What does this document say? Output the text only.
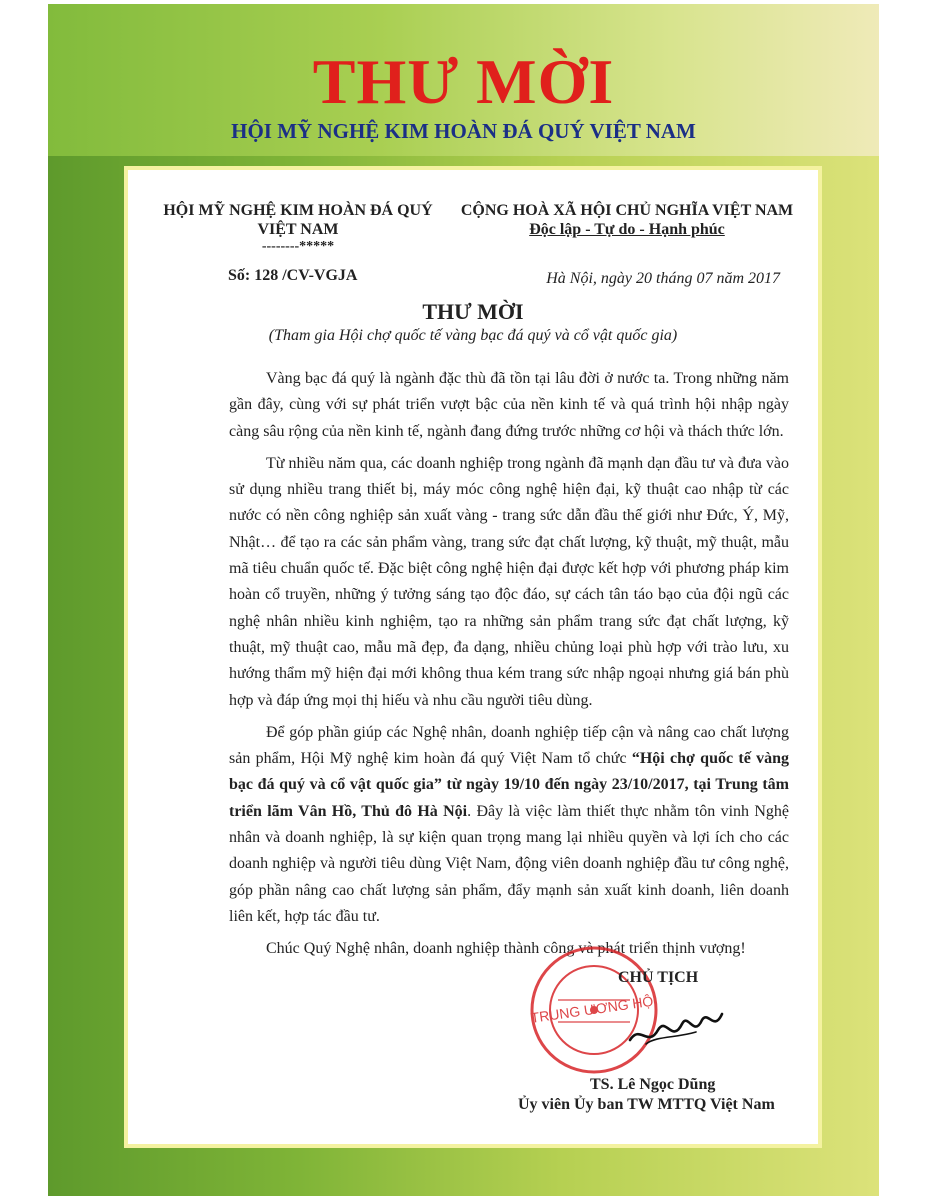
THƯ MỜI
HỘI MỸ NGHỆ KIM HOÀN ĐÁ QUÝ VIỆT NAM
HỘI MỸ NGHỆ KIM HOÀN ĐÁ QUÝ
VIỆT NAM
--------*****
CỘNG HOÀ XÃ HỘI CHỦ NGHĨA VIỆT NAM
Độc lập - Tự do - Hạnh phúc
Số: 128 /CV-VGJA	Hà Nội, ngày 20 tháng 07 năm 2017
THƯ MỜI
(Tham gia Hội chợ quốc tế vàng bạc đá quý và cổ vật quốc gia)

Vàng bạc đá quý là ngành đặc thù đã tồn tại lâu đời ở nước ta. Trong những năm gần đây, cùng với sự phát triển vượt bậc của nền kinh tế và quá trình hội nhập ngày càng sâu rộng của nền kinh tế, ngành đang đứng trước những cơ hội và thách thức lớn.

Từ nhiều năm qua, các doanh nghiệp trong ngành đã mạnh dạn đầu tư và đưa vào sử dụng nhiều trang thiết bị, máy móc công nghệ hiện đại, kỹ thuật cao nhập từ các nước có nền công nghiệp sản xuất vàng - trang sức dẫn đầu thế giới như Đức, Ý, Mỹ, Nhật… để tạo ra các sản phẩm vàng, trang sức đạt chất lượng, kỹ thuật, mỹ thuật, mẫu mã tiêu chuẩn quốc tế. Đặc biệt công nghệ hiện đại được kết hợp với phương pháp kim hoàn cổ truyền, những ý tưởng sáng tạo độc đáo, sự cách tân táo bạo của đội ngũ các nghệ nhân nhiều kinh nghiệm, tạo ra những sản phẩm trang sức đạt chất lượng, kỹ thuật, mỹ thuật cao, mẫu mã đẹp, đa dạng, nhiều chủng loại phù hợp với trào lưu, xu hướng thẩm mỹ hiện đại mới không thua kém trang sức nhập ngoại nhưng giá bán phù hợp và đáp ứng mọi thị hiếu và nhu cầu người tiêu dùng.

Để góp phần giúp các Nghệ nhân, doanh nghiệp tiếp cận và nâng cao chất lượng sản phẩm, Hội Mỹ nghệ kim hoàn đá quý Việt Nam tổ chức “Hội chợ quốc tế vàng bạc đá quý và cổ vật quốc gia” từ ngày 19/10 đến ngày 23/10/2017, tại Trung tâm triển lãm Vân Hồ, Thủ đô Hà Nội. Đây là việc làm thiết thực nhằm tôn vinh Nghệ nhân và doanh nghiệp, là sự kiện quan trọng mang lại nhiều quyền và lợi ích cho các doanh nghiệp và người tiêu dùng Việt Nam, động viên doanh nghiệp đầu tư công nghệ, góp phần nâng cao chất lượng sản phẩm, đẩy mạnh sản xuất kinh doanh, liên doanh liên kết, hợp tác đầu tư.

Chúc Quý Nghệ nhân, doanh nghiệp thành công và phát triển thịnh vượng!

TRUNG ƯƠNG HỘI
CHỦ TỊCH
TS. Lê Ngọc Dũng
Ủy viên Ủy ban TW MTTQ Việt Nam
